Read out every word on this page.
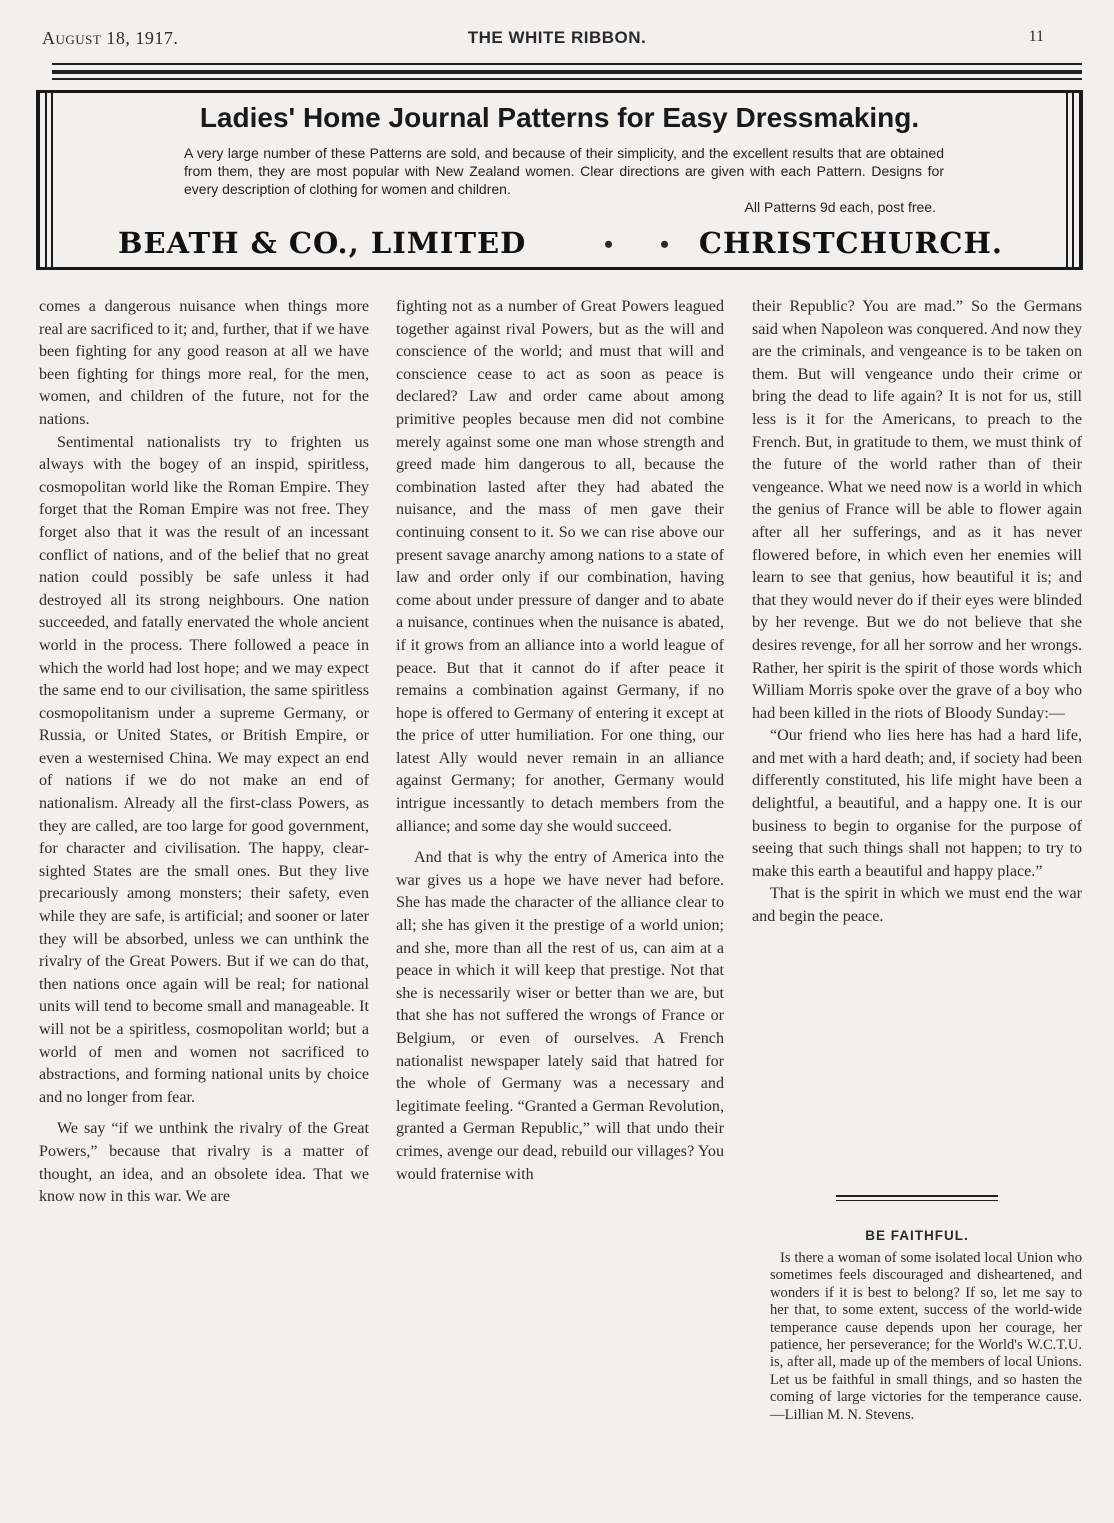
August 18, 1917.	THE WHITE RIBBON.	11
Ladies' Home Journal Patterns for Easy Dressmaking.
A very large number of these Patterns are sold, and because of their simplicity, and the excellent results that are obtained from them, they are most popular with New Zealand women. Clear directions are given with each Pattern. Designs for every description of clothing for women and children.
All Patterns 9d each, post free.
BEATH & CO., LIMITED	• • CHRISTCHURCH.

comes a dangerous nuisance when things more real are sacrificed to it; and, further, that if we have been fighting for any good reason at all we have been fighting for things more real, for the men, women, and children of the future, not for the nations.

Sentimental nationalists try to frighten us always with the bogey of an inspid, spiritless, cosmopolitan world like the Roman Empire. They forget that the Roman Empire was not free. They forget also that it was the result of an incessant conflict of nations, and of the belief that no great nation could possibly be safe unless it had destroyed all its strong neighbours. One nation succeeded, and fatally enervated the whole ancient world in the process. There followed a peace in which the world had lost hope; and we may expect the same end to our civilisation, the same spiritless cosmopolitanism under a supreme Germany, or Russia, or United States, or British Empire, or even a westernised China. We may expect an end of nations if we do not make an end of nationalism. Already all the first-class Powers, as they are called, are too large for good government, for character and civilisation. The happy, clear-sighted States are the small ones. But they live precariously among monsters; their safety, even while they are safe, is artificial; and sooner or later they will be absorbed, unless we can unthink the rivalry of the Great Powers. But if we can do that, then nations once again will be real; for national units will tend to become small and manageable. It will not be a spiritless, cosmopolitan world; but a world of men and women not sacrificed to abstractions, and forming national units by choice and no longer from fear.

We say “if we unthink the rivalry of the Great Powers,” because that rivalry is a matter of thought, an idea, and an obsolete idea. That we know now in this war. We are

fighting not as a number of Great Powers leagued together against rival Powers, but as the will and conscience of the world; and must that will and conscience cease to act as soon as peace is declared? Law and order came about among primitive peoples because men did not combine merely against some one man whose strength and greed made him dangerous to all, because the combination lasted after they had abated the nuisance, and the mass of men gave their continuing consent to it. So we can rise above our present savage anarchy among nations to a state of law and order only if our combination, having come about under pressure of danger and to abate a nuisance, continues when the nuisance is abated, if it grows from an alliance into a world league of peace. But that it cannot do if after peace it remains a combination against Germany, if no hope is offered to Germany of entering it except at the price of utter humiliation. For one thing, our latest Ally would never remain in an alliance against Germany; for another, Germany would intrigue incessantly to detach members from the alliance; and some day she would succeed.

And that is why the entry of America into the war gives us a hope we have never had before. She has made the character of the alliance clear to all; she has given it the prestige of a world union; and she, more than all the rest of us, can aim at a peace in which it will keep that prestige. Not that she is necessarily wiser or better than we are, but that she has not suffered the wrongs of France or Belgium, or even of ourselves. A French nationalist newspaper lately said that hatred for the whole of Germany was a necessary and legitimate feeling. “Granted a German Revolution, granted a German Republic,” will that undo their crimes, avenge our dead, rebuild our villages? You would fraternise with

their Republic? You are mad.” So the Germans said when Napoleon was conquered. And now they are the criminals, and vengeance is to be taken on them. But will vengeance undo their crime or bring the dead to life again? It is not for us, still less is it for the Americans, to preach to the French. But, in gratitude to them, we must think of the future of the world rather than of their vengeance. What we need now is a world in which the genius of France will be able to flower again after all her sufferings, and as it has never flowered before, in which even her enemies will learn to see that genius, how beautiful it is; and that they would never do if their eyes were blinded by her revenge. But we do not believe that she desires revenge, for all her sorrow and her wrongs. Rather, her spirit is the spirit of those words which William Morris spoke over the grave of a boy who had been killed in the riots of Bloody Sunday:—

“Our friend who lies here has had a hard life, and met with a hard death; and, if society had been differently constituted, his life might have been a delightful, a beautiful, and a happy one. It is our business to begin to organise for the purpose of seeing that such things shall not happen; to try to make this earth a beautiful and happy place.”

That is the spirit in which we must end the war and begin the peace.

BE FAITHFUL.
Is there a woman of some isolated local Union who sometimes feels discouraged and disheartened, and wonders if it is best to belong? If so, let me say to her that, to some extent, success of the world-wide temperance cause depends upon her courage, her patience, her perseverance; for the World's W.C.T.U. is, after all, made up of the members of local Unions. Let us be faithful in small things, and so hasten the coming of large victories for the temperance cause.—Lillian M. N. Stevens.
